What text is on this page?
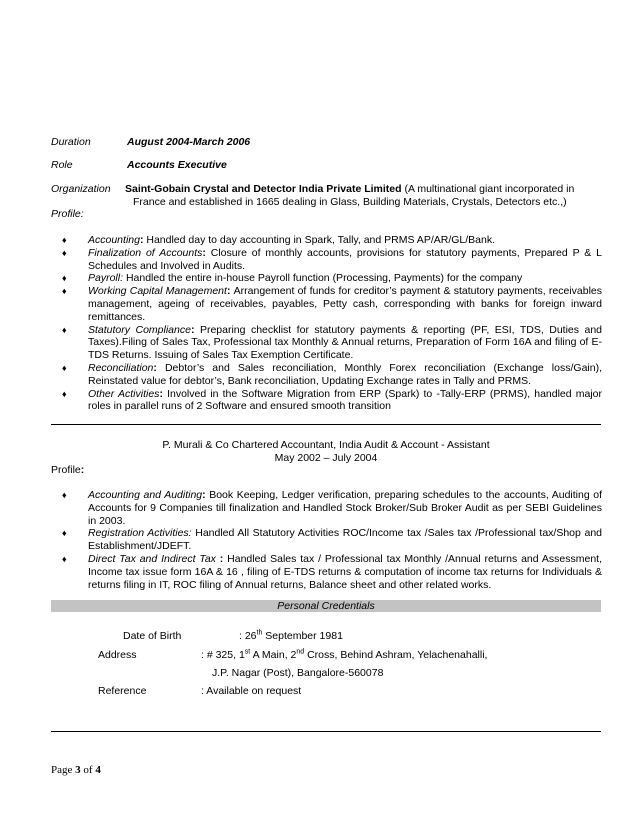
Duration	August 2004-March 2006
Role	Accounts Executive
Organization Saint-Gobain Crystal and Detector India Private Limited (A multinational giant incorporated in
France and established in 1665 dealing in Glass, Building Materials, Crystals, Detectors etc.,)
Profile:
♦ Accounting: Handled day to day accounting in Spark, Tally, and PRMS AP/AR/GL/Bank.
♦ Finalization of Accounts: Closure of monthly accounts, provisions for statutory payments, Prepared P & L Schedules and Involved in Audits.
♦ Payroll: Handled the entire in-house Payroll function (Processing, Payments) for the company
♦ Working Capital Management: Arrangement of funds for creditor’s payment & statutory payments, receivables management, ageing of receivables, payables, Petty cash, corresponding with banks for foreign inward remittances.
♦ Statutory Compliance: Preparing checklist for statutory payments & reporting (PF, ESI, TDS, Duties and Taxes).Filing of Sales Tax, Professional tax Monthly & Annual returns, Preparation of Form 16A and filing of E-TDS Returns. Issuing of Sales Tax Exemption Certificate.
♦ Reconciliation: Debtor’s and Sales reconciliation, Monthly Forex reconciliation (Exchange loss/Gain), Reinstated value for debtor’s, Bank reconciliation, Updating Exchange rates in Tally and PRMS.
♦ Other Activities: Involved in the Software Migration from ERP (Spark) to -Tally-ERP (PRMS), handled major roles in parallel runs of 2 Software and ensured smooth transition
P. Murali & Co Chartered Accountant, India Audit & Account - Assistant
May 2002 – July 2004
Profile:
♦ Accounting and Auditing: Book Keeping, Ledger verification, preparing schedules to the accounts, Auditing of Accounts for 9 Companies till finalization and Handled Stock Broker/Sub Broker Audit as per SEBI Guidelines in 2003.
♦ Registration Activities: Handled All Statutory Activities ROC/Income tax /Sales tax /Professional tax/Shop and Establishment/JDEFT.
♦ Direct Tax and Indirect Tax : Handled Sales tax / Professional tax Monthly /Annual returns and Assessment, Income tax issue form 16A & 16 , filing of E-TDS returns & computation of income tax returns for Individuals & returns filing in IT, ROC filing of Annual returns, Balance sheet and other related works.
Personal Credentials
Date of Birth	: 26th September 1981
Address	: # 325, 1st A Main, 2nd Cross, Behind Ashram, Yelachenahalli,
J.P. Nagar (Post), Bangalore-560078
Reference	: Available on request
Page 3 of 4
